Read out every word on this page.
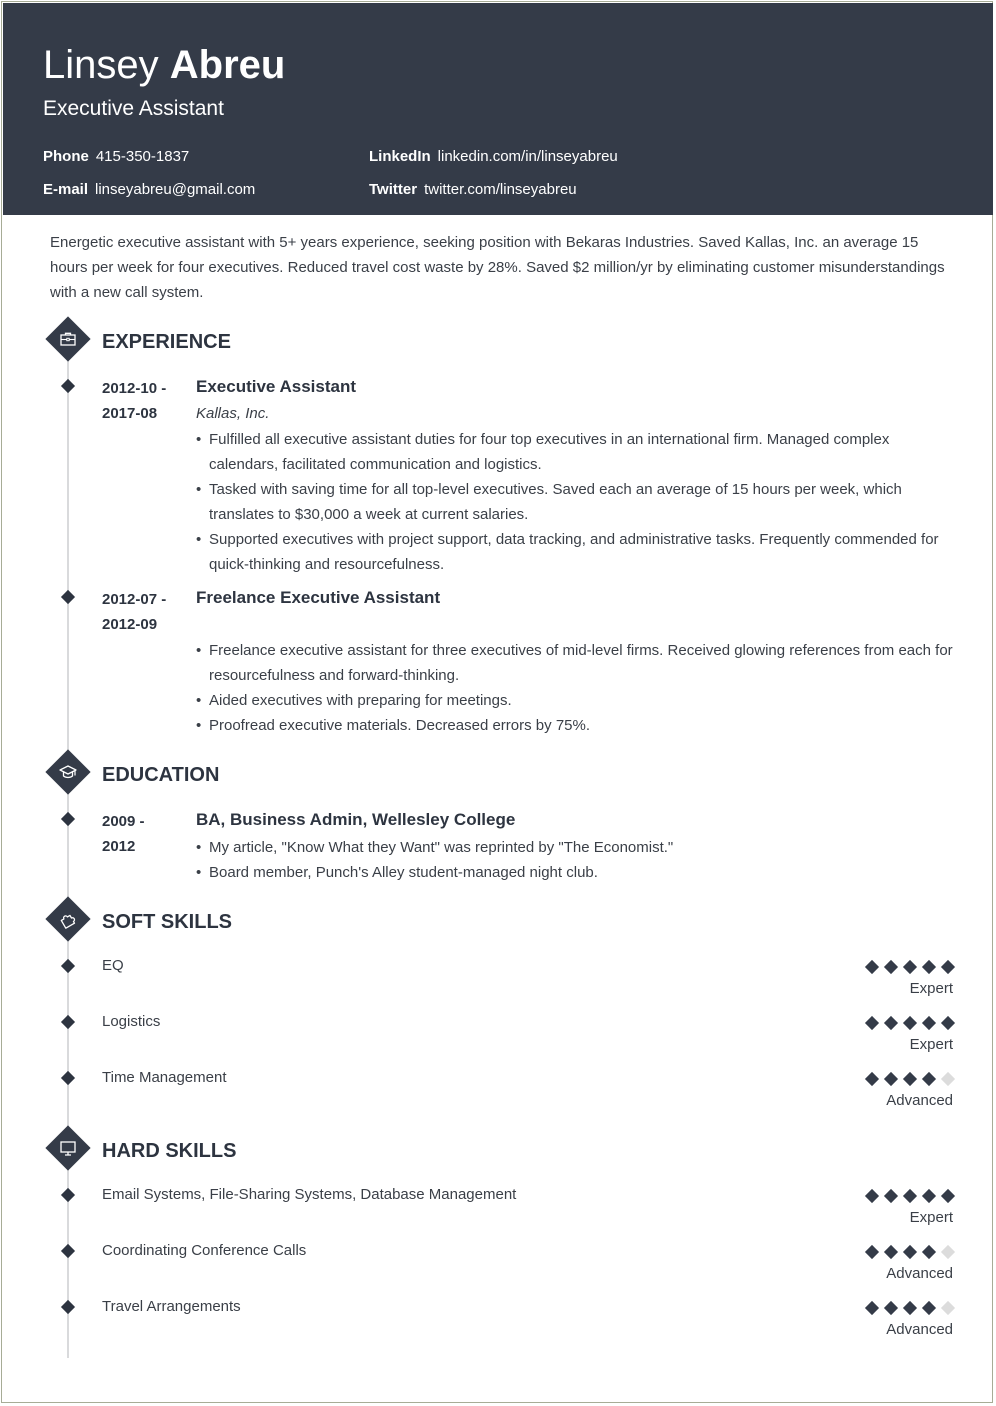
Linsey Abreu
Executive Assistant
Phone 415-350-1837
E-mail linseyabreu@gmail.com
LinkedIn linkedin.com/in/linseyabreu
Twitter twitter.com/linseyabreu
Energetic executive assistant with 5+ years experience, seeking position with Bekaras Industries. Saved Kallas, Inc. an average 15 hours per week for four executives. Reduced travel cost waste by 28%. Saved $2 million/yr by eliminating customer misunderstandings with a new call system.
EXPERIENCE
2012-10 -
2017-08
Executive Assistant
Kallas, Inc.
• Fulfilled all executive assistant duties for four top executives in an international firm. Managed complex calendars, facilitated communication and logistics.
• Tasked with saving time for all top-level executives. Saved each an average of 15 hours per week, which translates to $30,000 a week at current salaries.
• Supported executives with project support, data tracking, and administrative tasks. Frequently commended for quick-thinking and resourcefulness.
2012-07 -
2012-09
Freelance Executive Assistant
• Freelance executive assistant for three executives of mid-level firms. Received glowing references from each for resourcefulness and forward-thinking.
• Aided executives with preparing for meetings.
• Proofread executive materials. Decreased errors by 75%.
EDUCATION
2009 -
2012
BA, Business Admin, Wellesley College
• My article, "Know What they Want" was reprinted by "The Economist."
• Board member, Punch's Alley student-managed night club.
SOFT SKILLS
EQ
Expert
Logistics
Expert
Time Management
Advanced
HARD SKILLS
Email Systems, File-Sharing Systems, Database Management
Expert
Coordinating Conference Calls
Advanced
Travel Arrangements
Advanced
